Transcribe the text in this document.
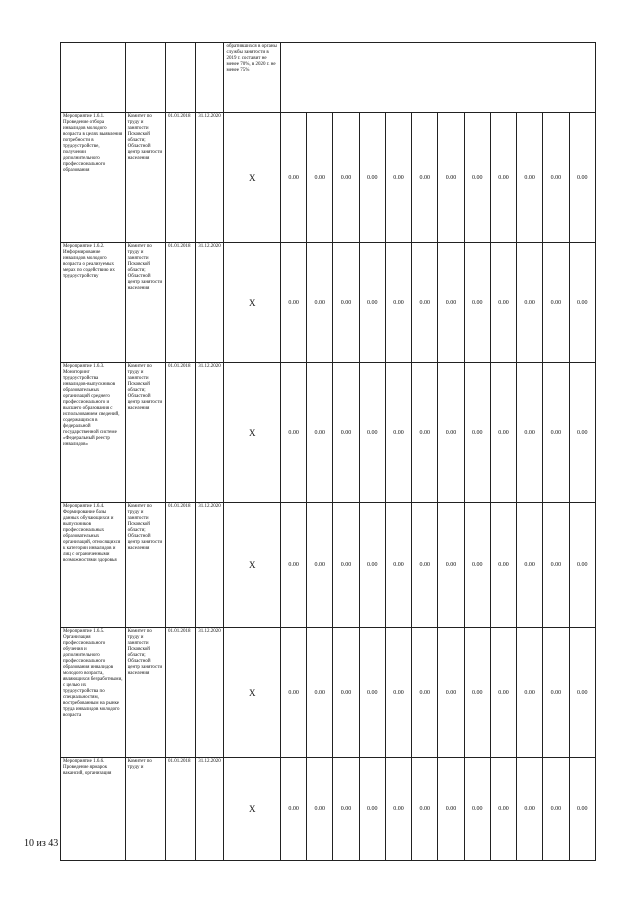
				обратившихся в органы службы занятости в 2019 г. составит не менее 70%, в 2020 г. не менее 75%												
Мероприятие 1.6.1. Проведение отбора инвалидов молодого возраста в целях выявления потребности в трудоустройстве, получении дополнительного профессионального образования	Комитет по труду и занятости Псковской области; Областной центр занятости населения	01.01.2018	31.12.2020	Х	0.00	0.00	0.00	0.00	0.00	0.00	0.00	0.00	0.00	0.00	0.00	0.00
Мероприятие 1.6.2. Информирование инвалидов молодого возраста о реализуемых мерах по содействию их трудоустройству	Комитет по труду и занятости Псковской области; Областной центр занятости населения	01.01.2018	31.12.2020	Х	0.00	0.00	0.00	0.00	0.00	0.00	0.00	0.00	0.00	0.00	0.00	0.00
Мероприятие 1.6.3. Мониторинг трудоустройства инвалидов-выпускников образовательных организаций среднего профессионального и высшего образования с использованием сведений, содержащихся в федеральной государственной системе «Федеральный реестр инвалидов»	Комитет по труду и занятости Псковской области; Областной центр занятости населения	01.01.2018	31.12.2020	Х	0.00	0.00	0.00	0.00	0.00	0.00	0.00	0.00	0.00	0.00	0.00	0.00
Мероприятие 1.6.4. Формирование базы данных обучающихся и выпускников профессиональных образовательных организаций, относящихся к категории инвалидов и лиц с ограниченными возможностями здоровья	Комитет по труду и занятости Псковской области; Областной центр занятости населения	01.01.2018	31.12.2020	Х	0.00	0.00	0.00	0.00	0.00	0.00	0.00	0.00	0.00	0.00	0.00	0.00
Мероприятие 1.6.5. Организация профессионального обучения и дополнительного профессионального образования инвалидов молодого возраста, являющихся безработными, с целью их трудоустройства по специальностям, востребованным на рынке труда инвалидов молодого возраста	Комитет по труду и занятости Псковской области; Областной центр занятости населения	01.01.2018	31.12.2020	Х	0.00	0.00	0.00	0.00	0.00	0.00	0.00	0.00	0.00	0.00	0.00	0.00
Мероприятие 1.6.6. Проведение ярмарок вакансий, организация	Комитет по труду и	01.01.2018	31.12.2020	Х	0.00	0.00	0.00	0.00	0.00	0.00	0.00	0.00	0.00	0.00	0.00	0.00
10 из 43
